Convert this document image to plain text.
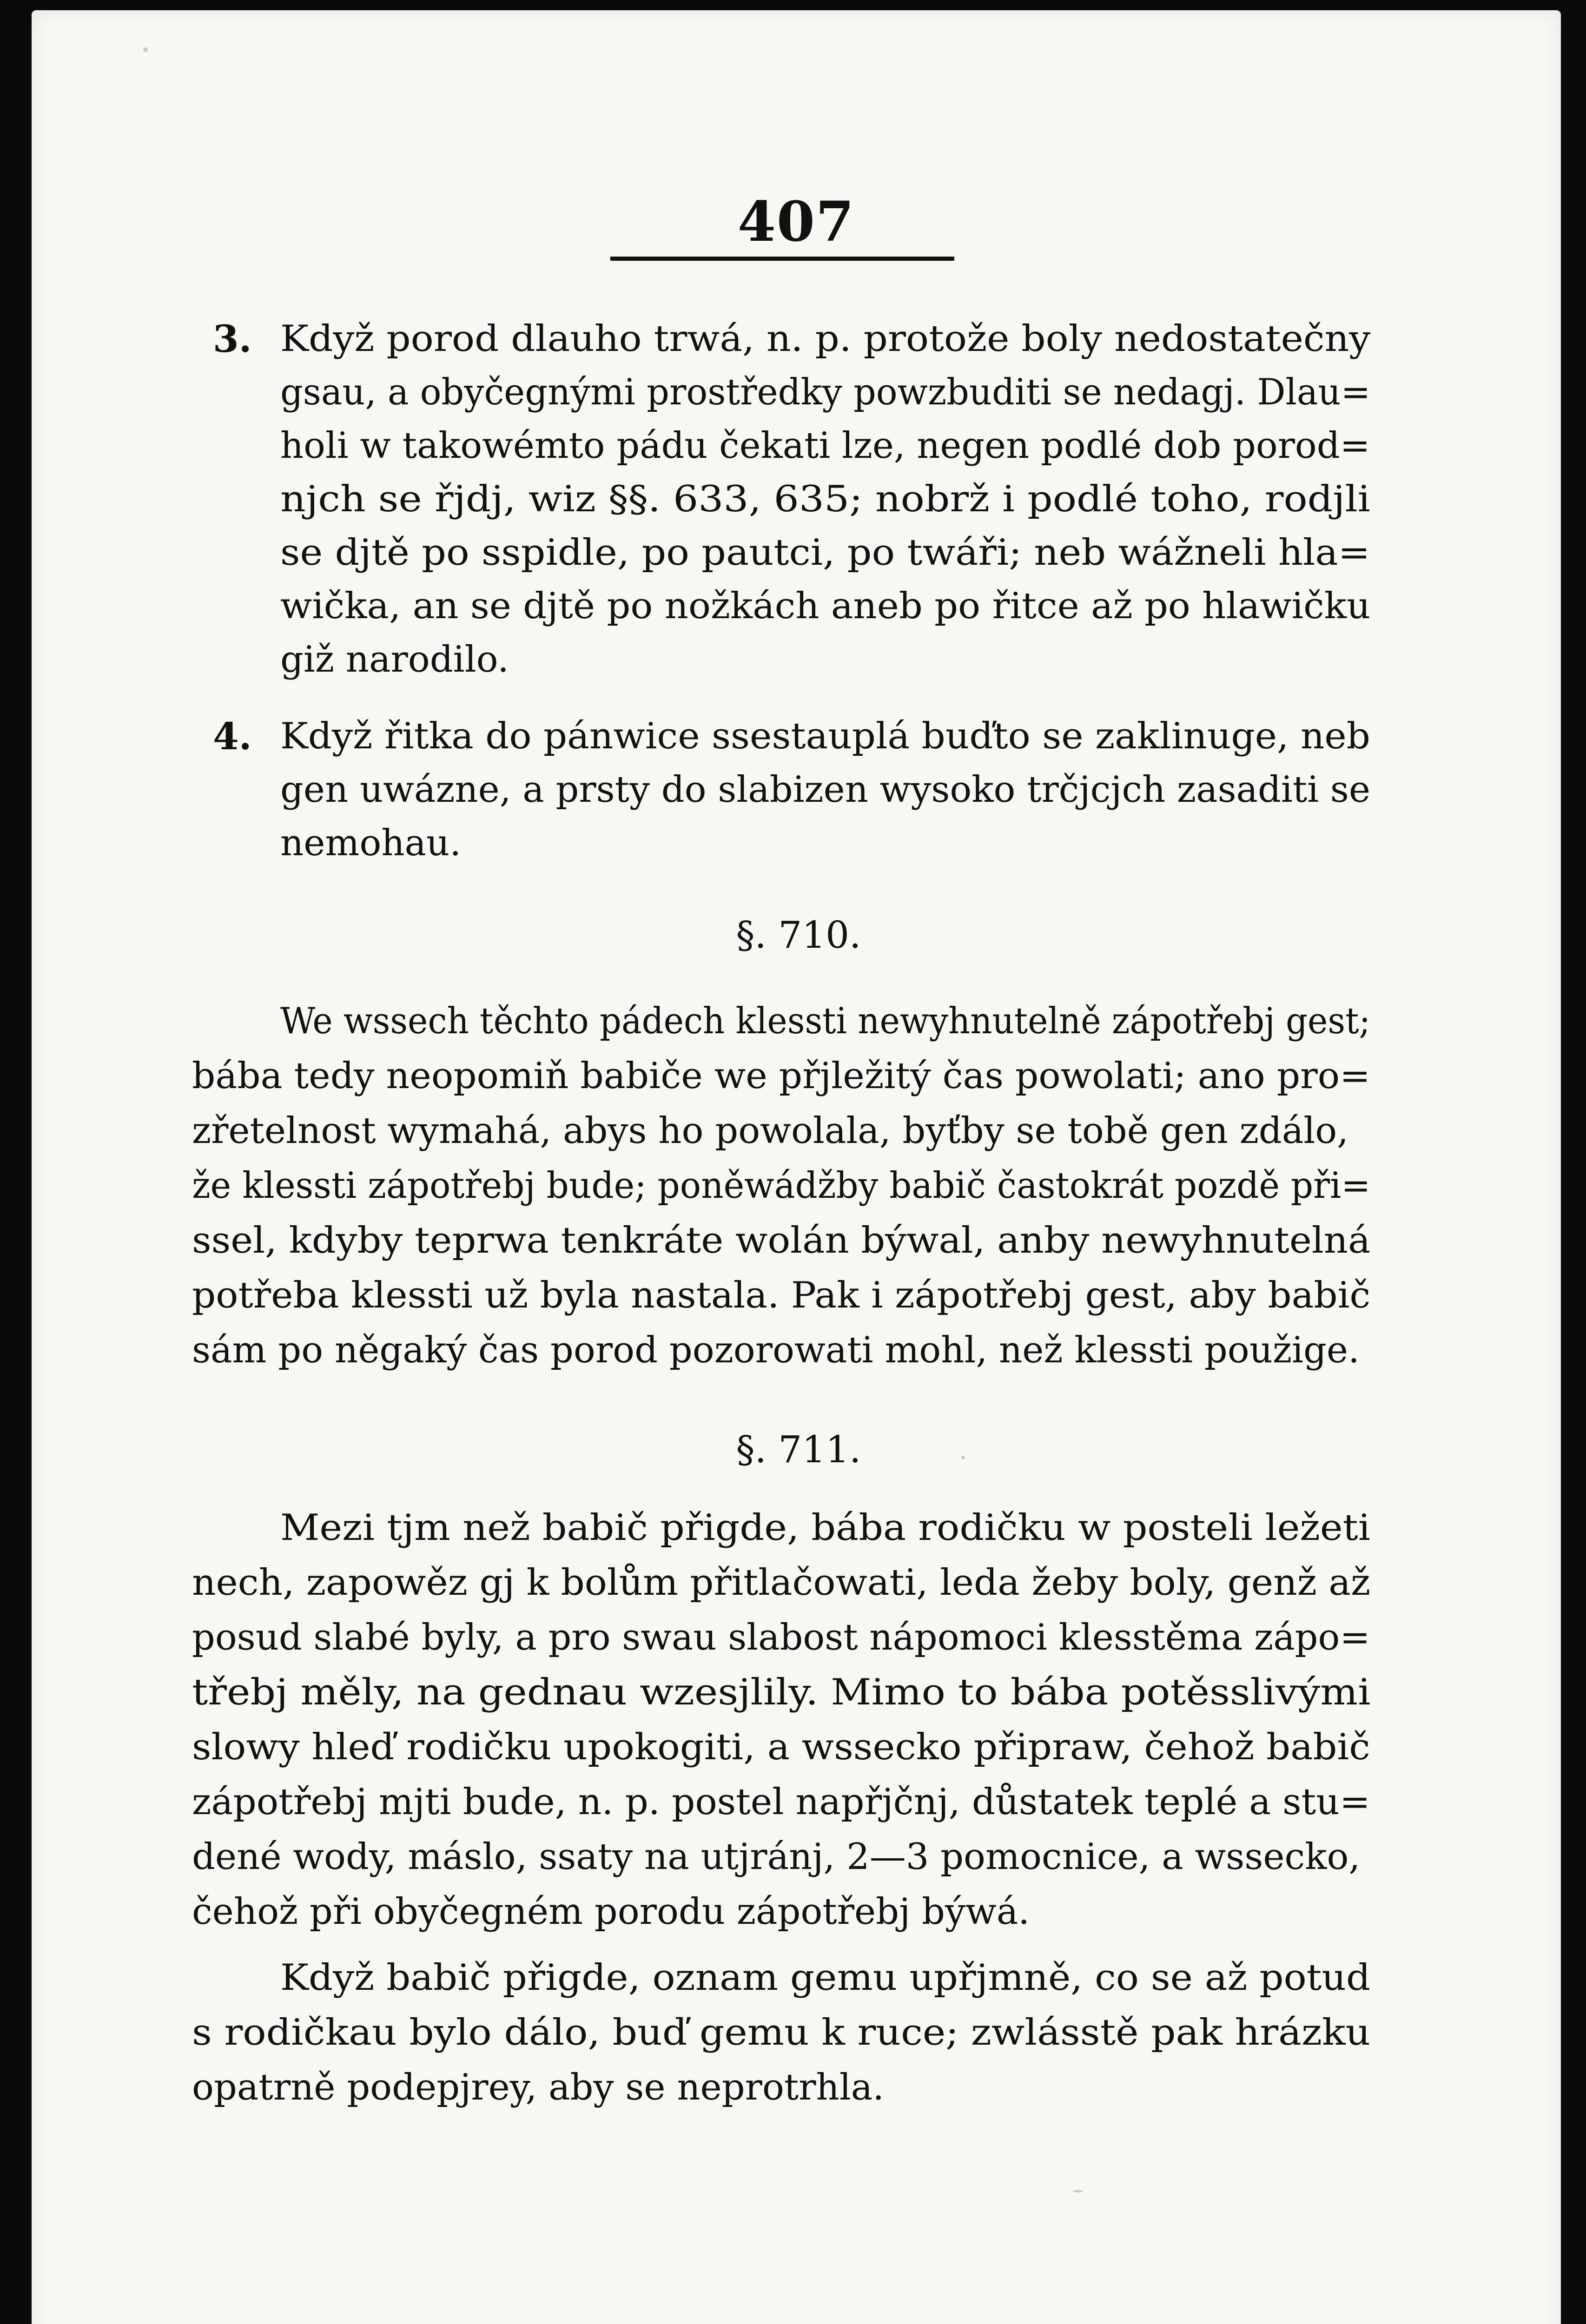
407
3. Když porod dlauho trwá, n. p. protože boly nedostatečny
gsau, a obyčegnými prostředky powzbuditi se nedagj. Dlau=
holi w takowémto pádu čekati lze, negen podlé dob porod=
njch se řjdj, wiz §§. 633, 635; nobrž i podlé toho, rodjli
se djtě po sspidle, po pautci, po twáři; neb wážneli hla=
wička, an se djtě po nožkách aneb po řitce až po hlawičku
giž narodilo.
4. Když řitka do pánwice ssestauplá buďto se zaklinuge, neb
gen uwázne, a prsty do slabizen wysoko trčjcjch zasaditi se
nemohau.
§. 710.
We wssech těchto pádech klessti newyhnutelně zápotřebj gest;
bába tedy neopomiň babiče we přjležitý čas powolati; ano pro=
zřetelnost wymahá, abys ho powolala, byťby se tobě gen zdálo,
že klessti zápotřebj bude; poněwádžby babič častokrát pozdě při=
ssel, kdyby teprwa tenkráte wolán býwal, anby newyhnutelná
potřeba klessti už byla nastala. Pak i zápotřebj gest, aby babič
sám po něgaký čas porod pozorowati mohl, než klessti použige.
§. 711.
Mezi tjm než babič přigde, bába rodičku w posteli ležeti
nech, zapowěz gj k bolům přitlačowati, leda žeby boly, genž až
posud slabé byly, a pro swau slabost nápomoci klesstěma zápo=
třebj měly, na gednau wzesjlily. Mimo to bába potěsslivými
slowy hleď rodičku upokogiti, a wssecko připraw, čehož babič
zápotřebj mjti bude, n. p. postel napřjčnj, důstatek teplé a stu=
dené wody, máslo, ssaty na utjránj, 2—3 pomocnice, a wssecko,
čehož při obyčegném porodu zápotřebj býwá.
Když babič přigde, oznam gemu upřjmně, co se až potud
s rodičkau bylo dálo, buď gemu k ruce; zwlásstě pak hrázku
opatrně podepjrey, aby se neprotrhla.
